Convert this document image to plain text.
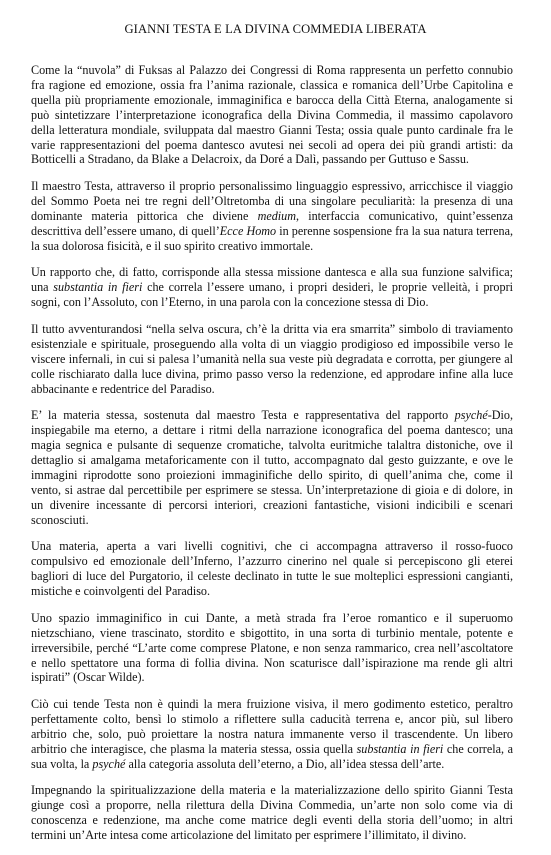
GIANNI TESTA E LA DIVINA COMMEDIA LIBERATA

Come la “nuvola” di Fuksas al Palazzo dei Congressi di Roma rappresenta un perfetto connubio fra ragione ed emozione, ossia fra l’anima razionale, classica e romanica dell’Urbe Capitolina e quella più propriamente emozionale, immaginifica e barocca della Città Eterna, analogamente si può sintetizzare l’interpretazione iconografica della Divina Commedia, il massimo capolavoro della letteratura mondiale, sviluppata dal maestro Gianni Testa; ossia quale punto cardinale fra le varie rappresentazioni del poema dantesco avutesi nei secoli ad opera dei più grandi artisti: da Botticelli a Stradano, da Blake a Delacroix, da Doré a Dalì, passando per Guttuso e Sassu.

Il maestro Testa, attraverso il proprio personalissimo linguaggio espressivo, arricchisce il viaggio del Sommo Poeta nei tre regni dell’Oltretomba di una singolare peculiarità: la presenza di una dominante materia pittorica che diviene medium, interfaccia comunicativo, quint’essenza descrittiva dell’essere umano, di quell’Ecce Homo in perenne sospensione fra la sua natura terrena, la sua dolorosa fisicità, e il suo spirito creativo immortale.

Un rapporto che, di fatto, corrisponde alla stessa missione dantesca e alla sua funzione salvifica; una substantia in fieri che correla l’essere umano, i propri desideri, le proprie velleità, i propri sogni, con l’Assoluto, con l’Eterno, in una parola con la concezione stessa di Dio.

Il tutto avventurandosi “nella selva oscura, ch’è la dritta via era smarrita” simbolo di traviamento esistenziale e spirituale, proseguendo alla volta di un viaggio prodigioso ed impossibile verso le viscere infernali, in cui si palesa l’umanità nella sua veste più degradata e corrotta, per giungere al colle rischiarato dalla luce divina, primo passo verso la redenzione, ed approdare infine alla luce abbacinante e redentrice del Paradiso.

E’ la materia stessa, sostenuta dal maestro Testa e rappresentativa del rapporto psyché-Dio, inspiegabile ma eterno, a dettare i ritmi della narrazione iconografica del poema dantesco; una magia segnica e pulsante di sequenze cromatiche, talvolta euritmiche talaltra distoniche, ove il dettaglio si amalgama metaforicamente con il tutto, accompagnato dal gesto guizzante, e ove le immagini riprodotte sono proiezioni immaginifiche dello spirito, di quell’anima che, come il vento, si astrae dal percettibile per esprimere se stessa. Un’interpretazione di gioia e di dolore, in un divenire incessante di percorsi interiori, creazioni fantastiche, visioni indicibili e scenari sconosciuti.

Una materia, aperta a vari livelli cognitivi, che ci accompagna attraverso il rosso-fuoco compulsivo ed emozionale dell’Inferno, l’azzurro cinerino nel quale si percepiscono gli eterei bagliori di luce del Purgatorio, il celeste declinato in tutte le sue molteplici espressioni cangianti, mistiche e coinvolgenti del Paradiso.

Uno spazio immaginifico in cui Dante, a metà strada fra l’eroe romantico e il superuomo nietzschiano, viene trascinato, stordito e sbigottito, in una sorta di turbinio mentale, potente e irreversibile, perché “L’arte come comprese Platone, e non senza rammarico, crea nell’ascoltatore e nello spettatore una forma di follia divina. Non scaturisce dall’ispirazione ma rende gli altri ispirati” (Oscar Wilde).

Ciò cui tende Testa non è quindi la mera fruizione visiva, il mero godimento estetico, peraltro perfettamente colto, bensì lo stimolo a riflettere sulla caducità terrena e, ancor più, sul libero arbitrio che, solo, può proiettare la nostra natura immanente verso il trascendente. Un libero arbitrio che interagisce, che plasma la materia stessa, ossia quella substantia in fieri che correla, a sua volta, la psyché alla categoria assoluta dell’eterno, a Dio, all’idea stessa dell’arte.

Impegnando la spiritualizzazione della materia e la materializzazione dello spirito Gianni Testa giunge così a proporre, nella rilettura della Divina Commedia, un’arte non solo come via di conoscenza e redenzione, ma anche come matrice degli eventi della storia dell’uomo; in altri termini un’Arte intesa come articolazione del limitato per esprimere l’illimitato, il divino.
